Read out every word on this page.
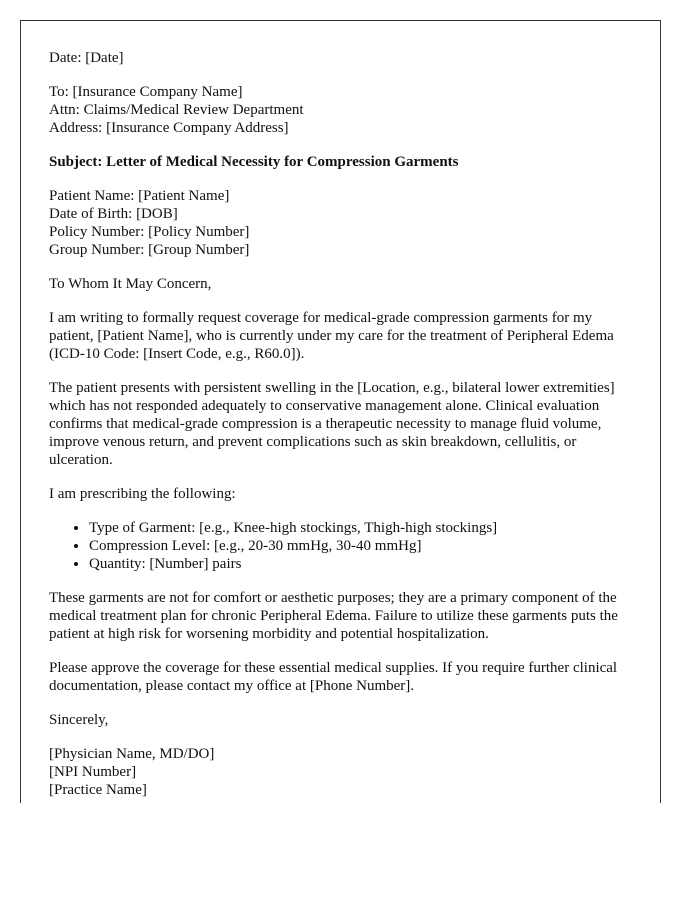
Date: [Date]

To: [Insurance Company Name]
Attn: Claims/Medical Review Department
Address: [Insurance Company Address]

Subject: Letter of Medical Necessity for Compression Garments

Patient Name: [Patient Name]
Date of Birth: [DOB]
Policy Number: [Policy Number]
Group Number: [Group Number]

To Whom It May Concern,

I am writing to formally request coverage for medical-grade compression garments for my patient, [Patient Name], who is currently under my care for the treatment of Peripheral Edema (ICD-10 Code: [Insert Code, e.g., R60.0]).

The patient presents with persistent swelling in the [Location, e.g., bilateral lower extremities] which has not responded adequately to conservative management alone. Clinical evaluation confirms that medical-grade compression is a therapeutic necessity to manage fluid volume, improve venous return, and prevent complications such as skin breakdown, cellulitis, or ulceration.

I am prescribing the following:

• Type of Garment: [e.g., Knee-high stockings, Thigh-high stockings]
• Compression Level: [e.g., 20-30 mmHg, 30-40 mmHg]
• Quantity: [Number] pairs

These garments are not for comfort or aesthetic purposes; they are a primary component of the medical treatment plan for chronic Peripheral Edema. Failure to utilize these garments puts the patient at high risk for worsening morbidity and potential hospitalization.

Please approve the coverage for these essential medical supplies. If you require further clinical documentation, please contact my office at [Phone Number].

Sincerely,

[Physician Name, MD/DO]
[NPI Number]
[Practice Name]
